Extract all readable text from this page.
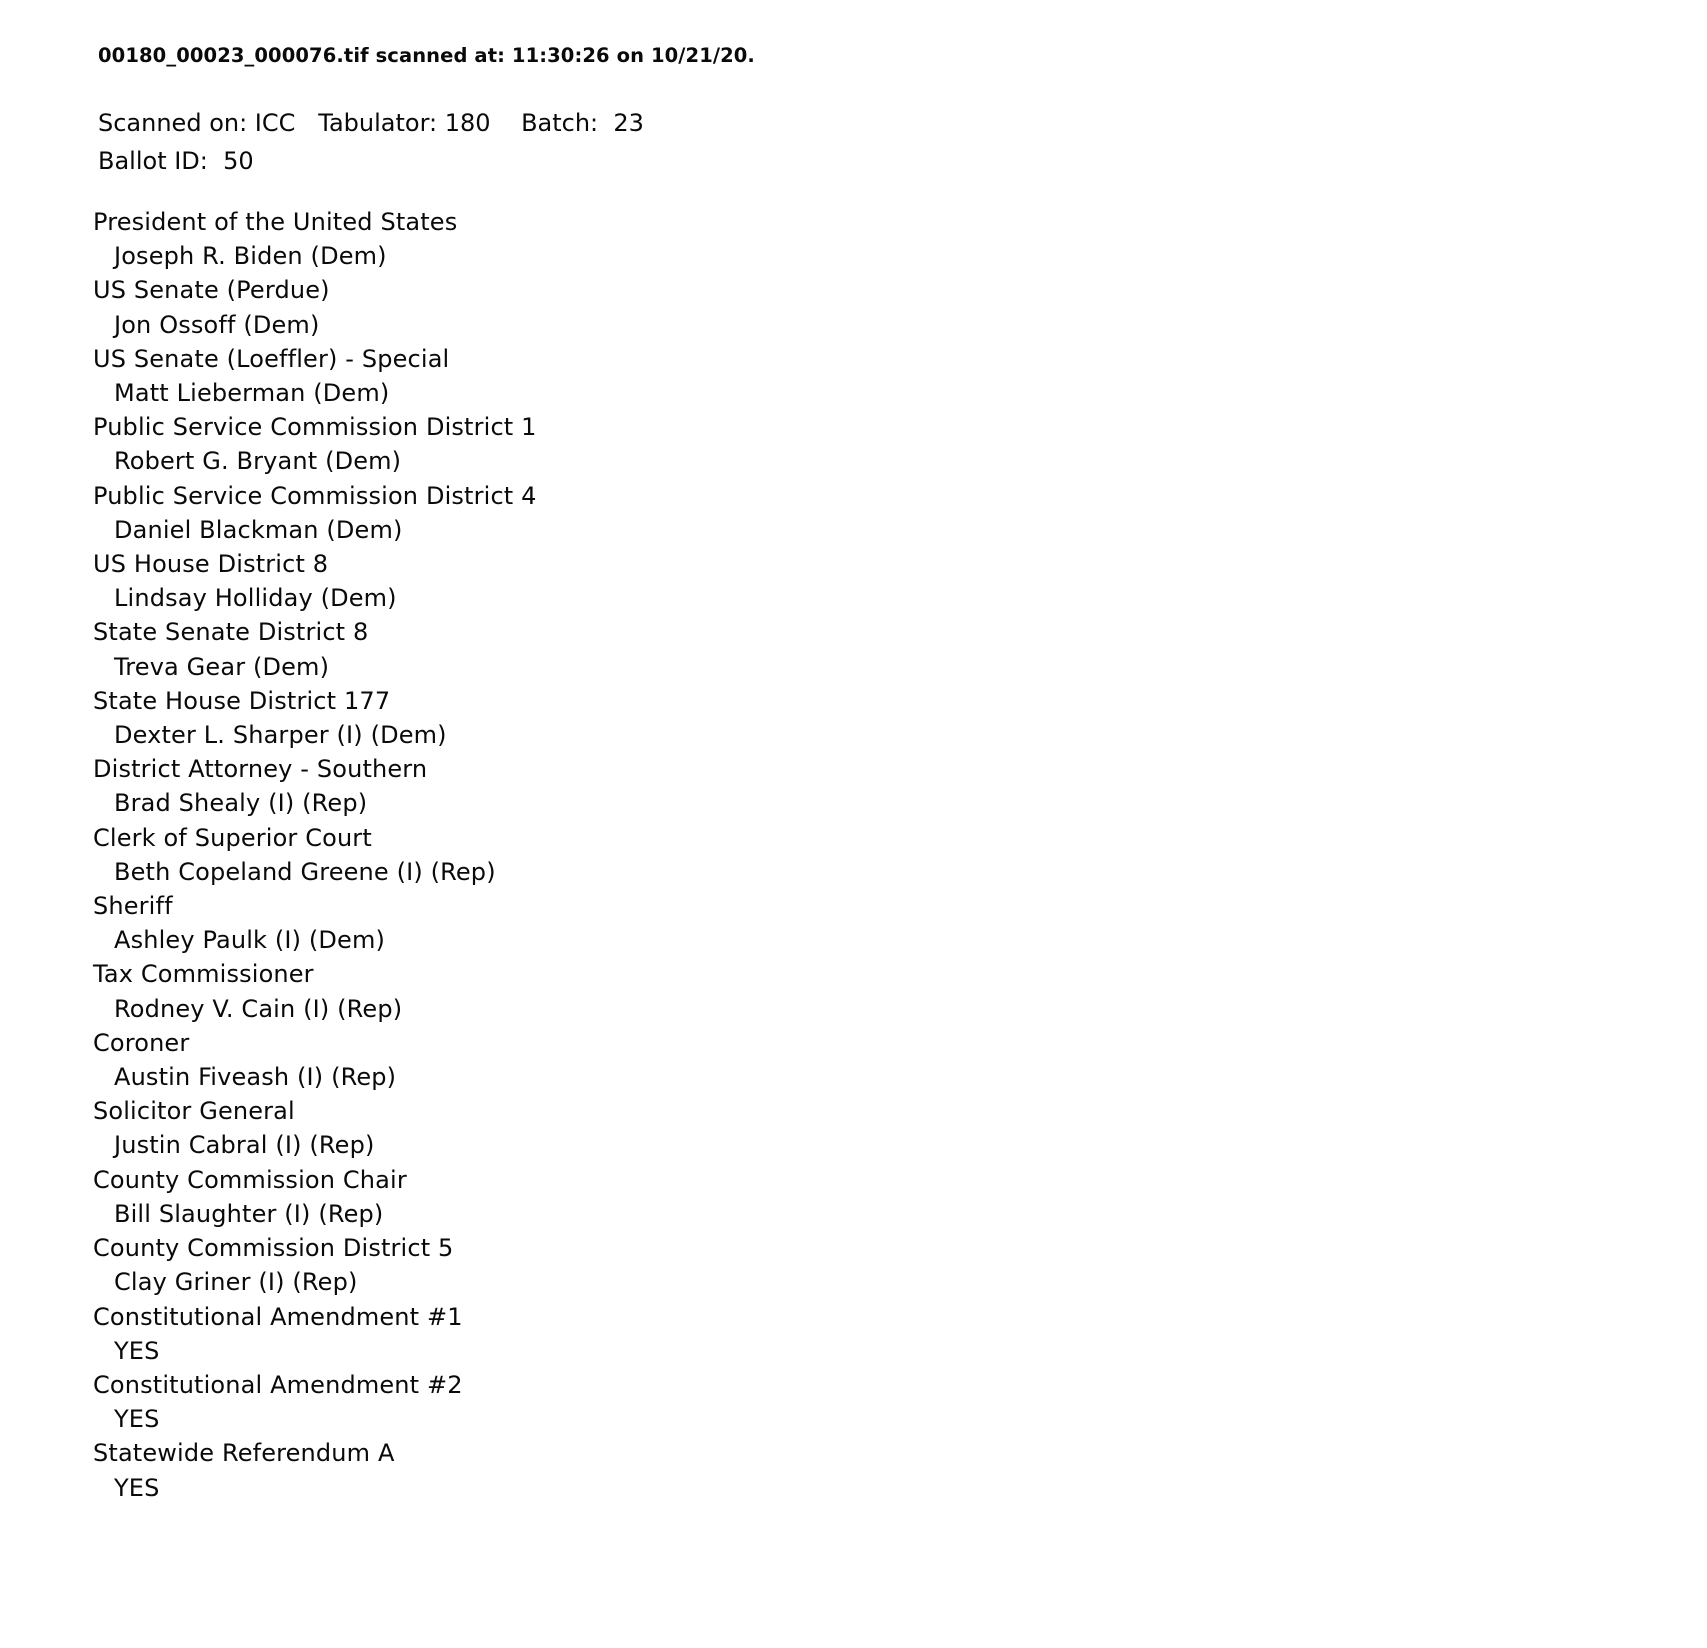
00180_00023_000076.tif scanned at: 11:30:26 on 10/21/20.
Scanned on: ICC   Tabulator: 180    Batch:  23
Ballot ID:  50
President of the United States
Joseph R. Biden (Dem)
US Senate (Perdue)
Jon Ossoff (Dem)
US Senate (Loeffler) - Special
Matt Lieberman (Dem)
Public Service Commission District 1
Robert G. Bryant (Dem)
Public Service Commission District 4
Daniel Blackman (Dem)
US House District 8
Lindsay Holliday (Dem)
State Senate District 8
Treva Gear (Dem)
State House District 177
Dexter L. Sharper (I) (Dem)
District Attorney - Southern
Brad Shealy (I) (Rep)
Clerk of Superior Court
Beth Copeland Greene (I) (Rep)
Sheriff
Ashley Paulk (I) (Dem)
Tax Commissioner
Rodney V. Cain (I) (Rep)
Coroner
Austin Fiveash (I) (Rep)
Solicitor General
Justin Cabral (I) (Rep)
County Commission Chair
Bill Slaughter (I) (Rep)
County Commission District 5
Clay Griner (I) (Rep)
Constitutional Amendment #1
YES
Constitutional Amendment #2
YES
Statewide Referendum A
YES
